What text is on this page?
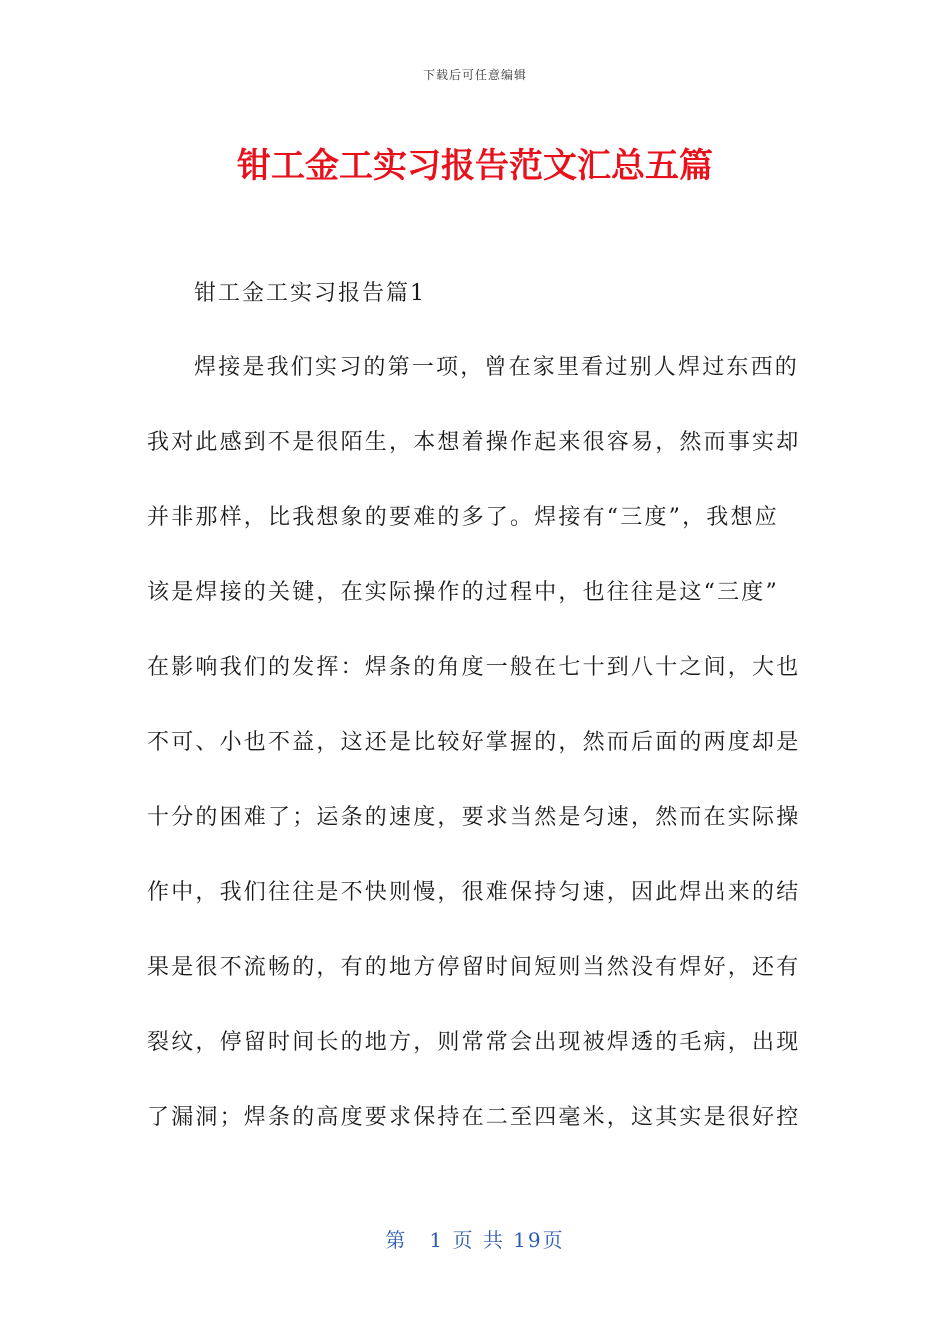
下载后可任意编辑
钳工金工实习报告范文汇总五篇
钳工金工实习报告篇1
焊接是我们实习的第一项，曾在家里看过别人焊过东西的
我对此感到不是很陌生，本想着操作起来很容易，然而事实却
并非那样，比我想象的要难的多了。焊接有“三度”，我想应
该是焊接的关键，在实际操作的过程中，也往往是这“三度”
在影响我们的发挥：焊条的角度一般在七十到八十之间，大也
不可、小也不益，这还是比较好掌握的，然而后面的两度却是
十分的困难了；运条的速度，要求当然是匀速，然而在实际操
作中，我们往往是不快则慢，很难保持匀速，因此焊出来的结
果是很不流畅的，有的地方停留时间短则当然没有焊好，还有
裂纹，停留时间长的地方，则常常会出现被焊透的毛病，出现
了漏洞；焊条的高度要求保持在二至四毫米，这其实是很好控
第　1 页 共 19页
